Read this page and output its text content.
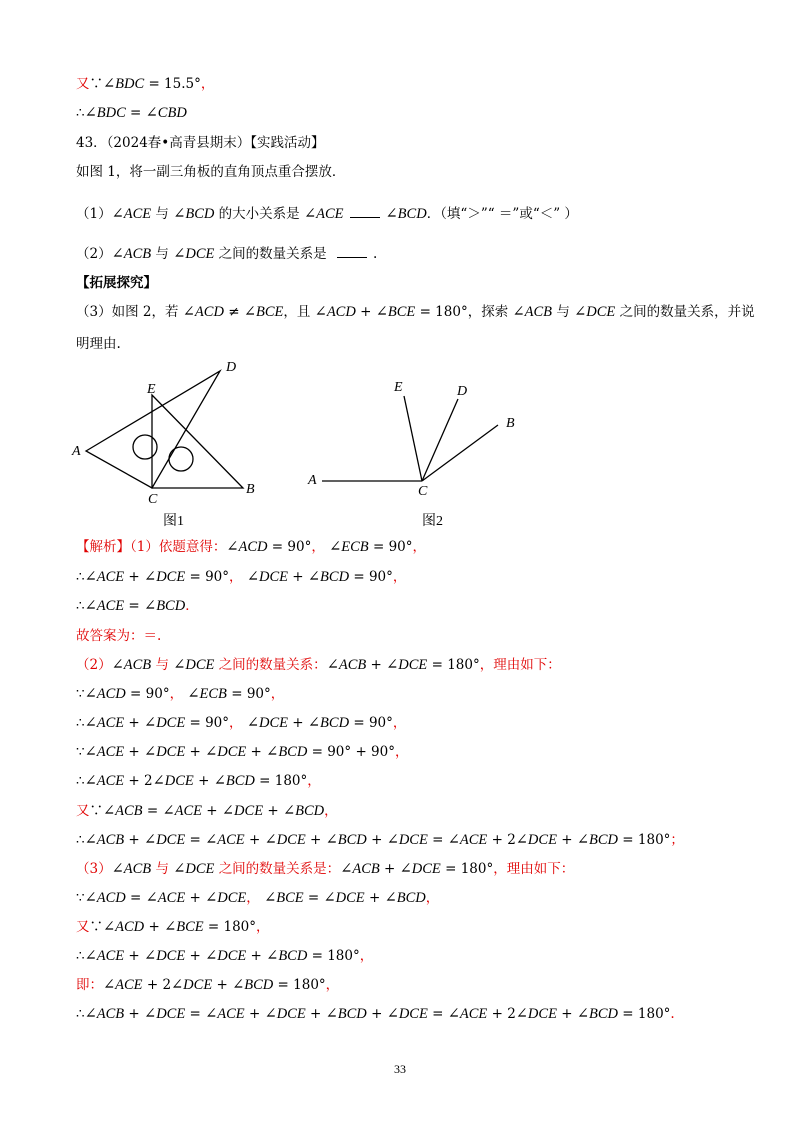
又∵∠BDC = 15.5°，
∴∠BDC = ∠CBD
43．（2024春•高青县期末）【实践活动】
如图 1，将一副三角板的直角顶点重合摆放．
（1）∠ACE 与 ∠BCD 的大小关系是 ∠ACE	∠BCD．（填“＞”“ ＝”或“＜” ）
（2）∠ACB 与 ∠DCE 之间的数量关系是	.
【拓展探究】
（3）如图 2，若 ∠ACD ≠ ∠BCE，且 ∠ACD + ∠BCE = 180°，探索 ∠ACB 与 ∠DCE 之间的数量关系，并说
明理由.
A
E
D
C
B
图1
A
E	D
B
C
图2
【解析】（1）依题意得：∠ACD = 90°， ∠ECB = 90°，
∴∠ACE + ∠DCE = 90°， ∠DCE + ∠BCD = 90°，
∴∠ACE = ∠BCD．
故答案为：＝.
（2）∠ACB 与 ∠DCE 之间的数量关系：∠ACB + ∠DCE = 180°，理由如下：
∵∠ACD = 90°， ∠ECB = 90°，
∴∠ACE + ∠DCE = 90°， ∠DCE + ∠BCD = 90°，
∵∠ACE + ∠DCE + ∠DCE + ∠BCD = 90° + 90°，
∴∠ACE + 2∠DCE + ∠BCD = 180°，
又∵∠ACB = ∠ACE + ∠DCE + ∠BCD，
∴∠ACB + ∠DCE = ∠ACE + ∠DCE + ∠BCD + ∠DCE = ∠ACE + 2∠DCE + ∠BCD = 180°；
（3）∠ACB 与 ∠DCE 之间的数量关系是：∠ACB + ∠DCE = 180°，理由如下：
∵∠ACD = ∠ACE + ∠DCE， ∠BCE = ∠DCE + ∠BCD，
又∵∠ACD + ∠BCE = 180°，
∴∠ACE + ∠DCE + ∠DCE + ∠BCD = 180°，
即：∠ACE + 2∠DCE + ∠BCD = 180°，
∴∠ACB + ∠DCE = ∠ACE + ∠DCE + ∠BCD + ∠DCE = ∠ACE + 2∠DCE + ∠BCD = 180°.
33
